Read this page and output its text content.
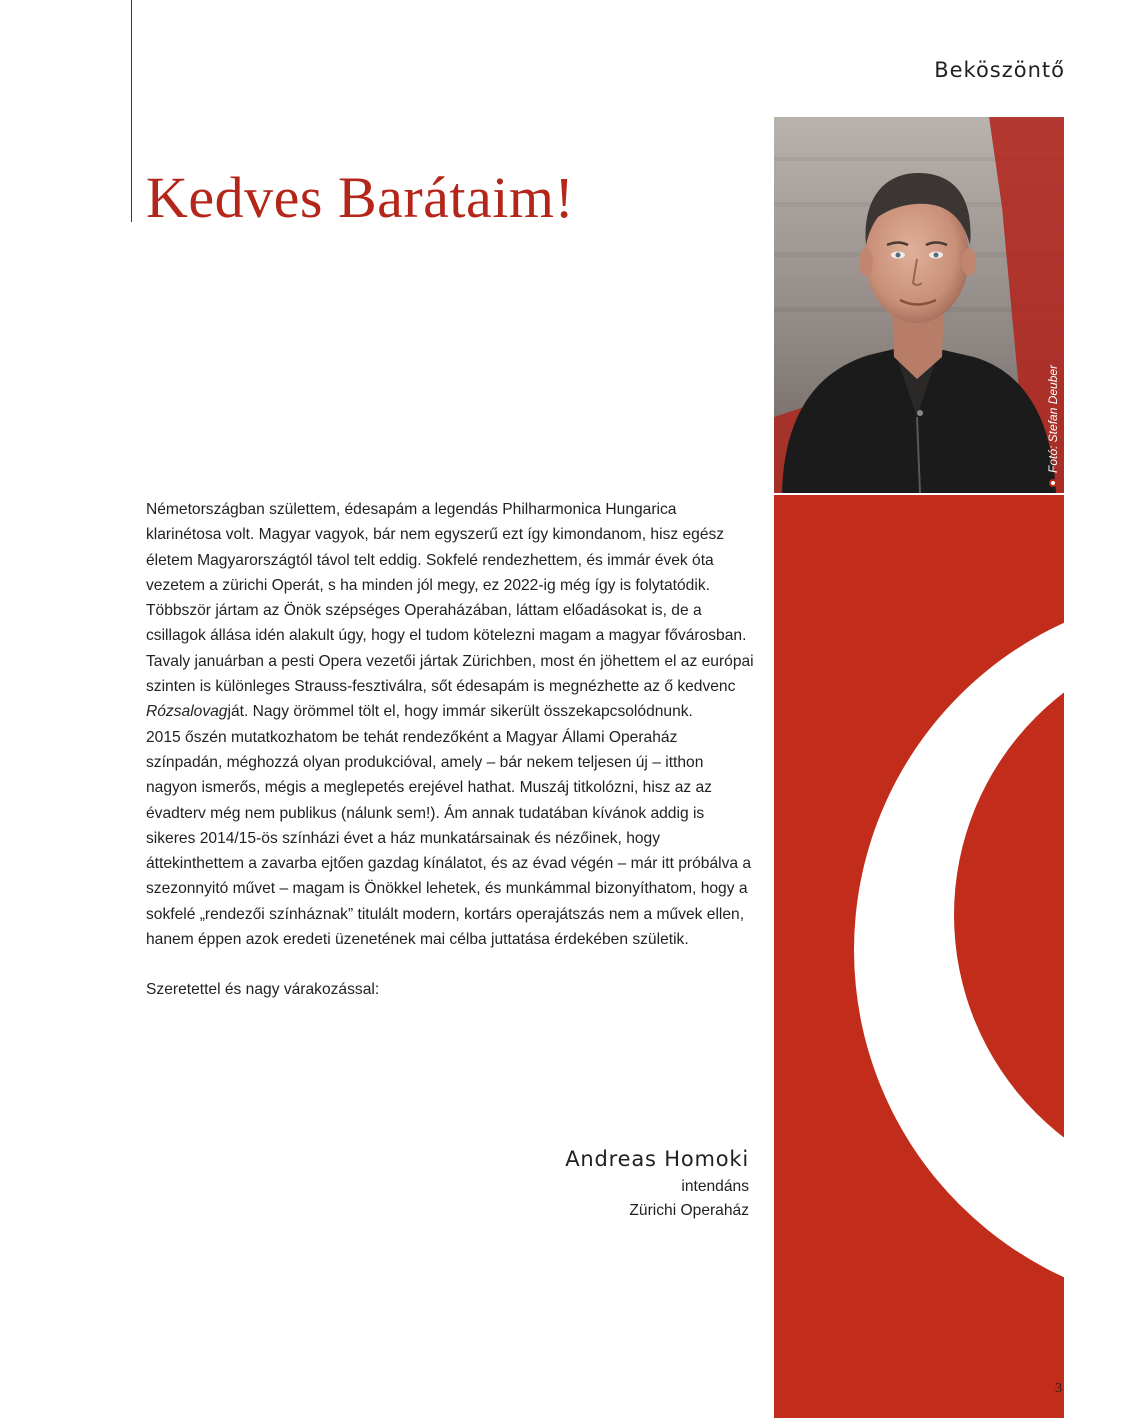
Beköszöntő
Kedves Barátaim!
Fotó: Stefan Deuber

Németországban születtem, édesapám a legendás Philharmonica Hungarica klarinétosa volt. Magyar vagyok, bár nem egyszerű ezt így kimondanom, hisz egész életem Magyarországtól távol telt eddig. Sokfelé rendezhettem, és immár évek óta vezetem a zürichi Operát, s ha minden jól megy, ez 2022-ig még így is folytatódik. Többször jártam az Önök szépséges Operaházában, láttam előadásokat is, de a csillagok állása idén alakult úgy, hogy el tudom kötelezni magam a magyar fővárosban.

Tavaly januárban a pesti Opera vezetői jártak Zürichben, most én jöhettem el az európai szinten is különleges Strauss-fesztiválra, sőt édesapám is megnézhette az ő kedvenc Rózsalovagját. Nagy örömmel tölt el, hogy immár sikerült összekapcsolódnunk.

2015 őszén mutatkozhatom be tehát rendezőként a Magyar Állami Operaház színpadán, méghozzá olyan produkcióval, amely – bár nekem teljesen új – itthon nagyon ismerős, mégis a meglepetés erejével hathat. Muszáj titkolózni, hisz az az évadterv még nem publikus (nálunk sem!). Ám annak tudatában kívánok addig is sikeres 2014/15-ös színházi évet a ház munkatársainak és nézőinek, hogy áttekinthettem a zavarba ejtően gazdag kínálatot, és az évad végén – már itt próbálva a szezonnyitó művet – magam is Önökkel lehetek, és munkámmal bizonyíthatom, hogy a sokfelé „rendezői színháznak” titulált modern, kortárs operajátszás nem a művek ellen, hanem éppen azok eredeti üzenetének mai célba juttatása érdekében születik.

Szeretettel és nagy várakozással:

Andreas Homoki
intendáns
Zürichi Operaház
3
